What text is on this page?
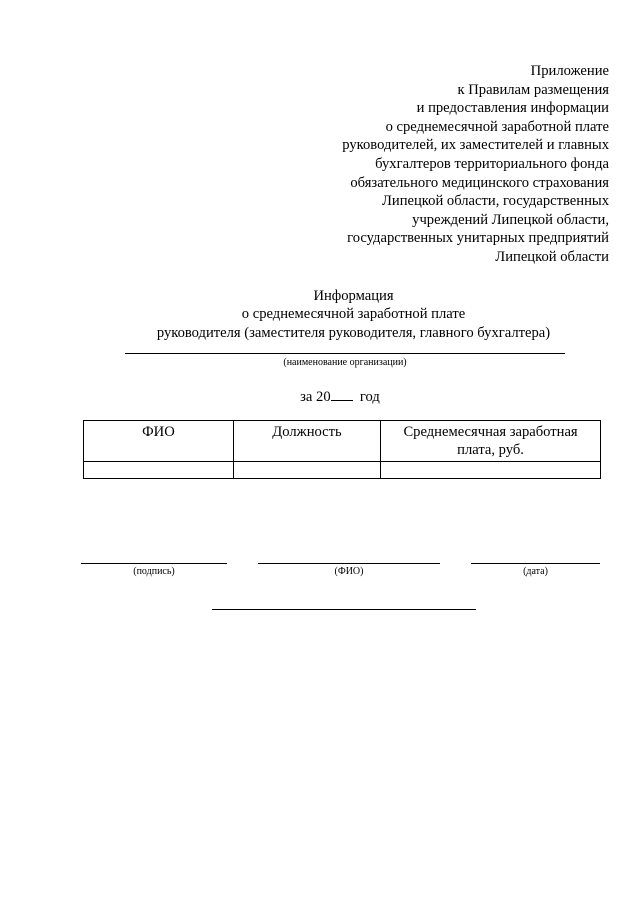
Приложение
к Правилам размещения
и предоставления информации
о среднемесячной заработной плате
руководителей, их заместителей и главных
бухгалтеров территориального фонда
обязательного медицинского страхования
Липецкой области, государственных
учреждений Липецкой области,
государственных унитарных предприятий
Липецкой области
Информация
о среднемесячной заработной плате
руководителя (заместителя руководителя, главного бухгалтера)
(наименование организации)
за 20 год
ФИО	Должность	Среднемесячная заработная плата, руб.

(подпись)	(ФИО)	(дата)
